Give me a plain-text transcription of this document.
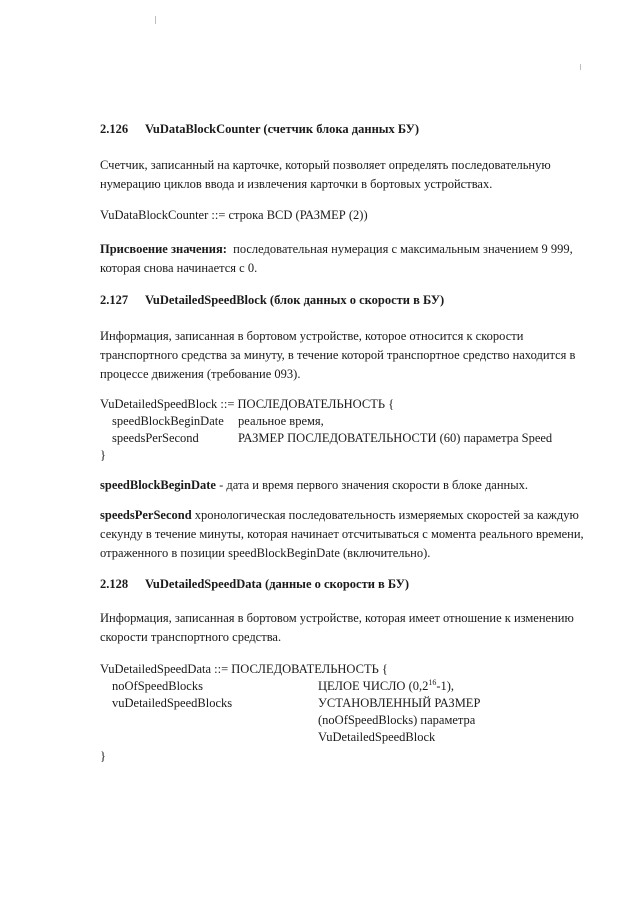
2.126 VuDataBlockCounter (счетчик блока данных БУ)
Счетчик, записанный на карточке, который позволяет определять последовательную
нумерацию циклов ввода и извлечения карточки в бортовых устройствах.
VuDataBlockCounter ::= строка BCD (РАЗМЕР (2))
Присвоение значения: последовательная нумерация с максимальным значением 9 999,
которая снова начинается с 0.
2.127 VuDetailedSpeedBlock (блок данных о скорости в БУ)
Информация, записанная в бортовом устройстве, которое относится к скорости
транспортного средства за минуту, в течение которой транспортное средство находится в
процессе движения (требование 093).
VuDetailedSpeedBlock ::= ПОСЛЕДОВАТЕЛЬНОСТЬ {
speedBlockBeginDate реальное время,
speedsPerSecond	РАЗМЕР ПОСЛЕДОВАТЕЛЬНОСТИ (60) параметра Speed
}
speedBlockBeginDate - дата и время первого значения скорости в блоке данных.
speedsPerSecond хронологическая последовательность измеряемых скоростей за каждую
секунду в течение минуты, которая начинает отсчитываться с момента реального времени,
отраженного в позиции speedBlockBeginDate (включительно).
2.128 VuDetailedSpeedData (данные о скорости в БУ)
Информация, записанная в бортовом устройстве, которая имеет отношение к изменению
скорости транспортного средства.
VuDetailedSpeedData ::= ПОСЛЕДОВАТЕЛЬНОСТЬ {
noOfSpeedBlocks	ЦЕЛОЕ ЧИСЛО $(0,2^{16}-1)$,
vuDetailedSpeedBlocks	УСТАНОВЛЕННЫЙ РАЗМЕР
(noOfSpeedBlocks) параметра
VuDetailedSpeedBlock
}
